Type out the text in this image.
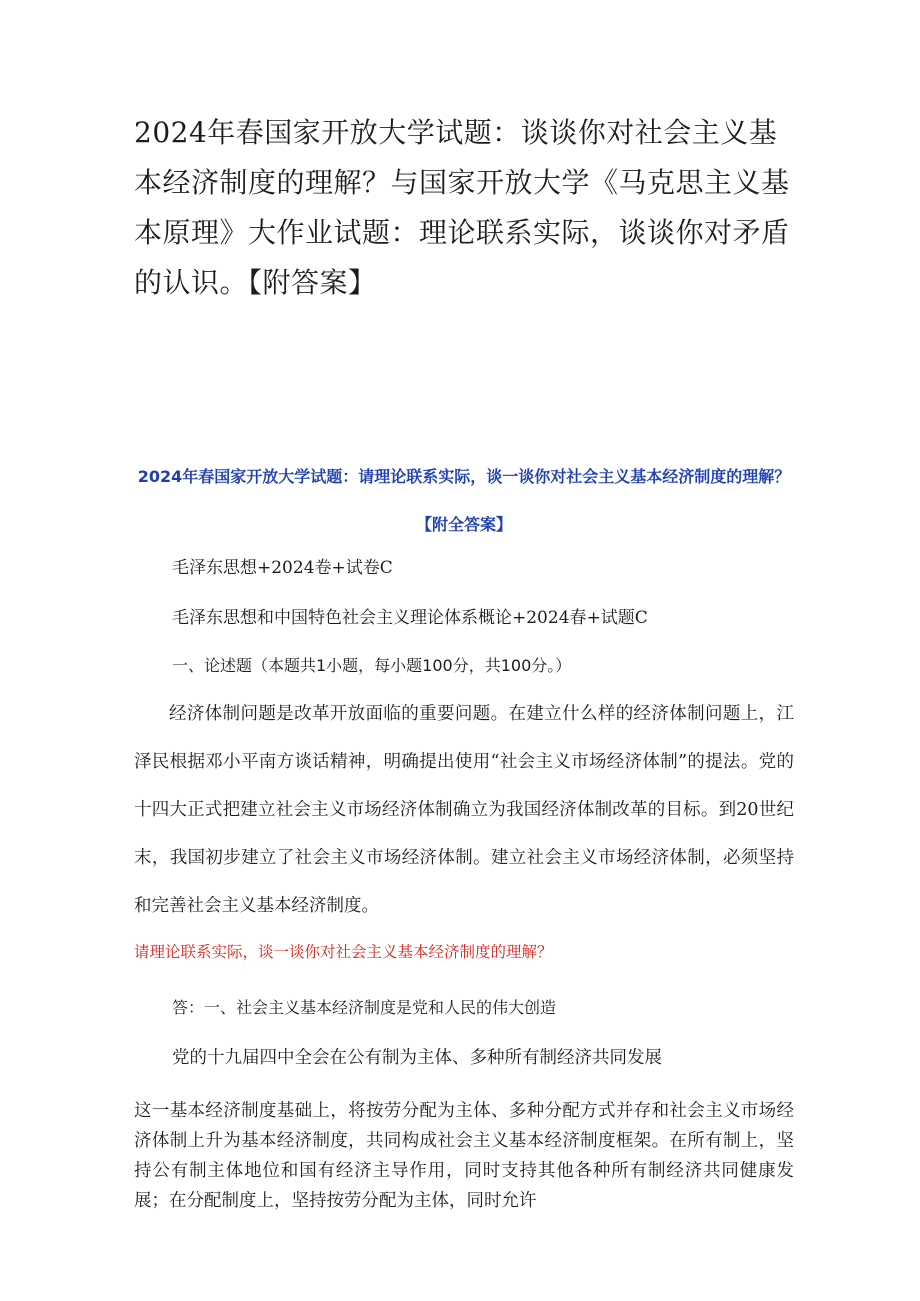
2024年春国家开放大学试题：谈谈你对社会主义基本经济制度的理解？与国家开放大学《马克思主义基本原理》大作业试题：理论联系实际，谈谈你对矛盾的认识。【附答案】
2024年春国家开放大学试题：请理论联系实际，谈一谈你对社会主义基本经济制度的理解？【附全答案】
毛泽东思想+2024卷+试卷C
毛泽东思想和中国特色社会主义理论体系概论+2024春+试题C
一、论述题（本题共1小题，每小题100分，共100分。）

经济体制问题是改革开放面临的重要问题。在建立什么样的经济体制问题上，江泽民根据邓小平南方谈话精神，明确提出使用“社会主义市场经济体制”的提法。党的十四大正式把建立社会主义市场经济体制确立为我国经济体制改革的目标。到20世纪末，我国初步建立了社会主义市场经济体制。建立社会主义市场经济体制，必须坚持和完善社会主义基本经济制度。

请理论联系实际，谈一谈你对社会主义基本经济制度的理解？

答：一、社会主义基本经济制度是党和人民的伟大创造
党的十九届四中全会在公有制为主体、多种所有制经济共同发展

这一基本经济制度基础上，将按劳分配为主体、多种分配方式并存和社会主义市场经济体制上升为基本经济制度，共同构成社会主义基本经济制度框架。在所有制上，坚持公有制主体地位和国有经济主导作用，同时支持其他各种所有制经济共同健康发展；在分配制度上，坚持按劳分配为主体，同时允许
